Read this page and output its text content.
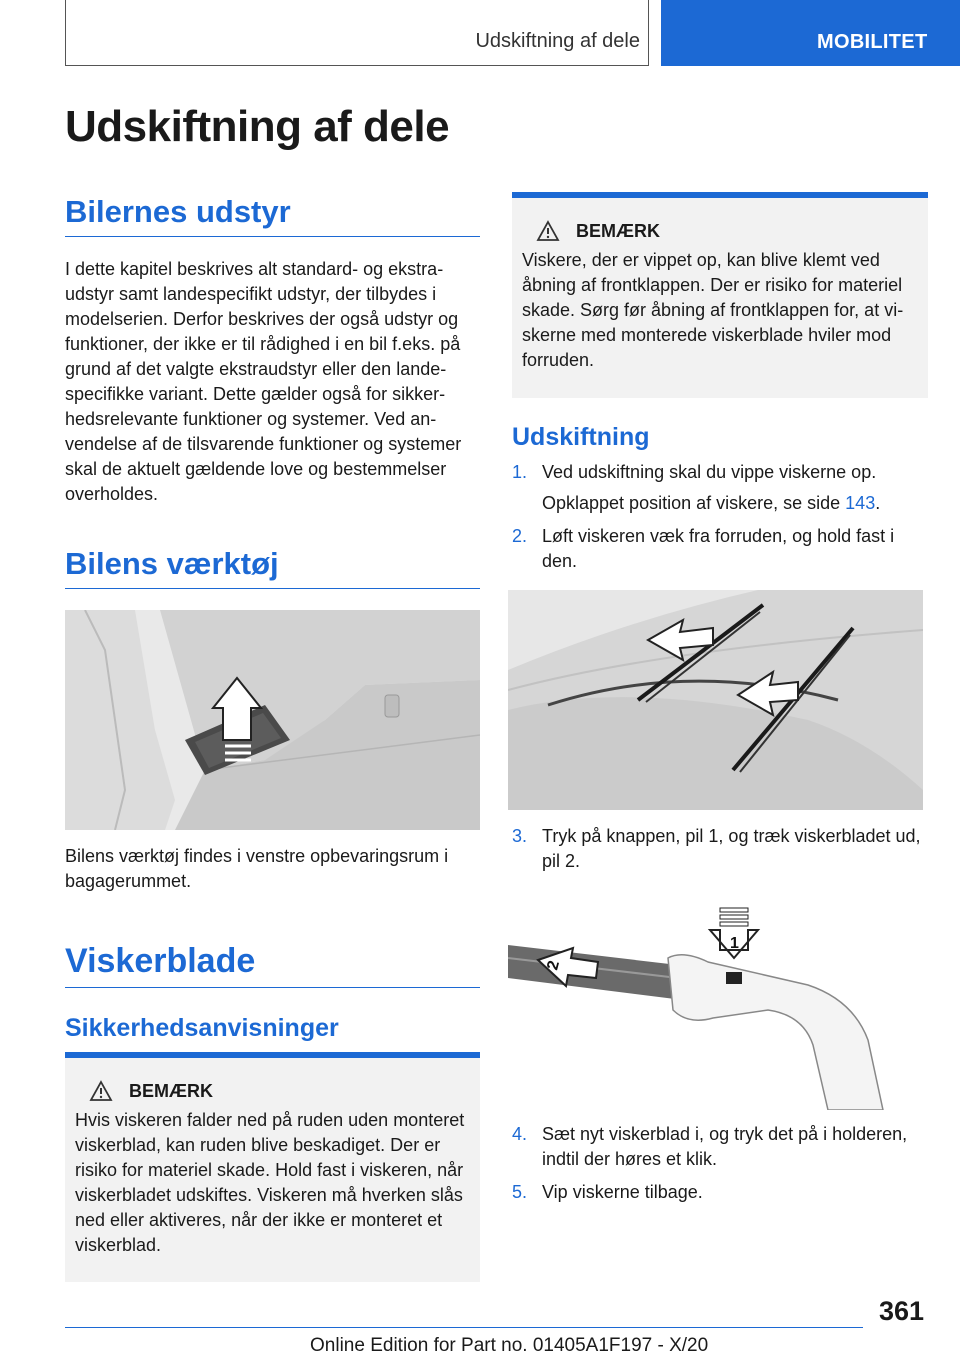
Udskiftning af dele	MOBILITET
Udskiftning af dele
Bilernes udstyr

I dette kapitel beskrives alt standard- og ekstraudstyr samt landespecifikt udstyr, der tilbydes i modelserien. Derfor beskrives der også udstyr og funktioner, der ikke er til rådighed i en bil f.eks. på grund af det valgte ekstraudstyr eller den landespecifikke variant. Dette gælder også for sikkerhedsrelevante funktioner og systemer. Ved anvendelse af de tilsvarende funktioner og systemer skal de aktuelt gældende love og bestemmelser overholdes.

Bilens værktøj

Bilens værktøj findes i venstre opbevaringsrum i bagagerummet.

Viskerblade
Sikkerhedsanvisninger
BEMÆRK

Hvis viskeren falder ned på ruden uden monteret viskerblad, kan ruden blive beskadiget. Der er risiko for materiel skade. Hold fast i viskeren, når viskerbladet udskiftes. Viskeren må hverken slås ned eller aktiveres, når der ikke er monteret et viskerblad.

BEMÆRK

Viskere, der er vippet op, kan blive klemt ved åbning af frontklappen. Der er risiko for materiel skade. Sørg før åbning af frontklappen for, at viskerne med monterede viskerblade hviler mod forruden.

Udskiftning
1. Ved udskiftning skal du vippe viskerne op.
Opklappet position af viskere, se side 143.
2. Løft viskeren væk fra forruden, og hold fast i den.
3. Tryk på knappen, pil 1, og træk viskerbladet ud, pil 2.
2
1
4. Sæt nyt viskerblad i, og tryk det på i holderen, indtil der høres et klik.
5. Vip viskerne tilbage.
361
Online Edition for Part no. 01405A1F197 - X/20
